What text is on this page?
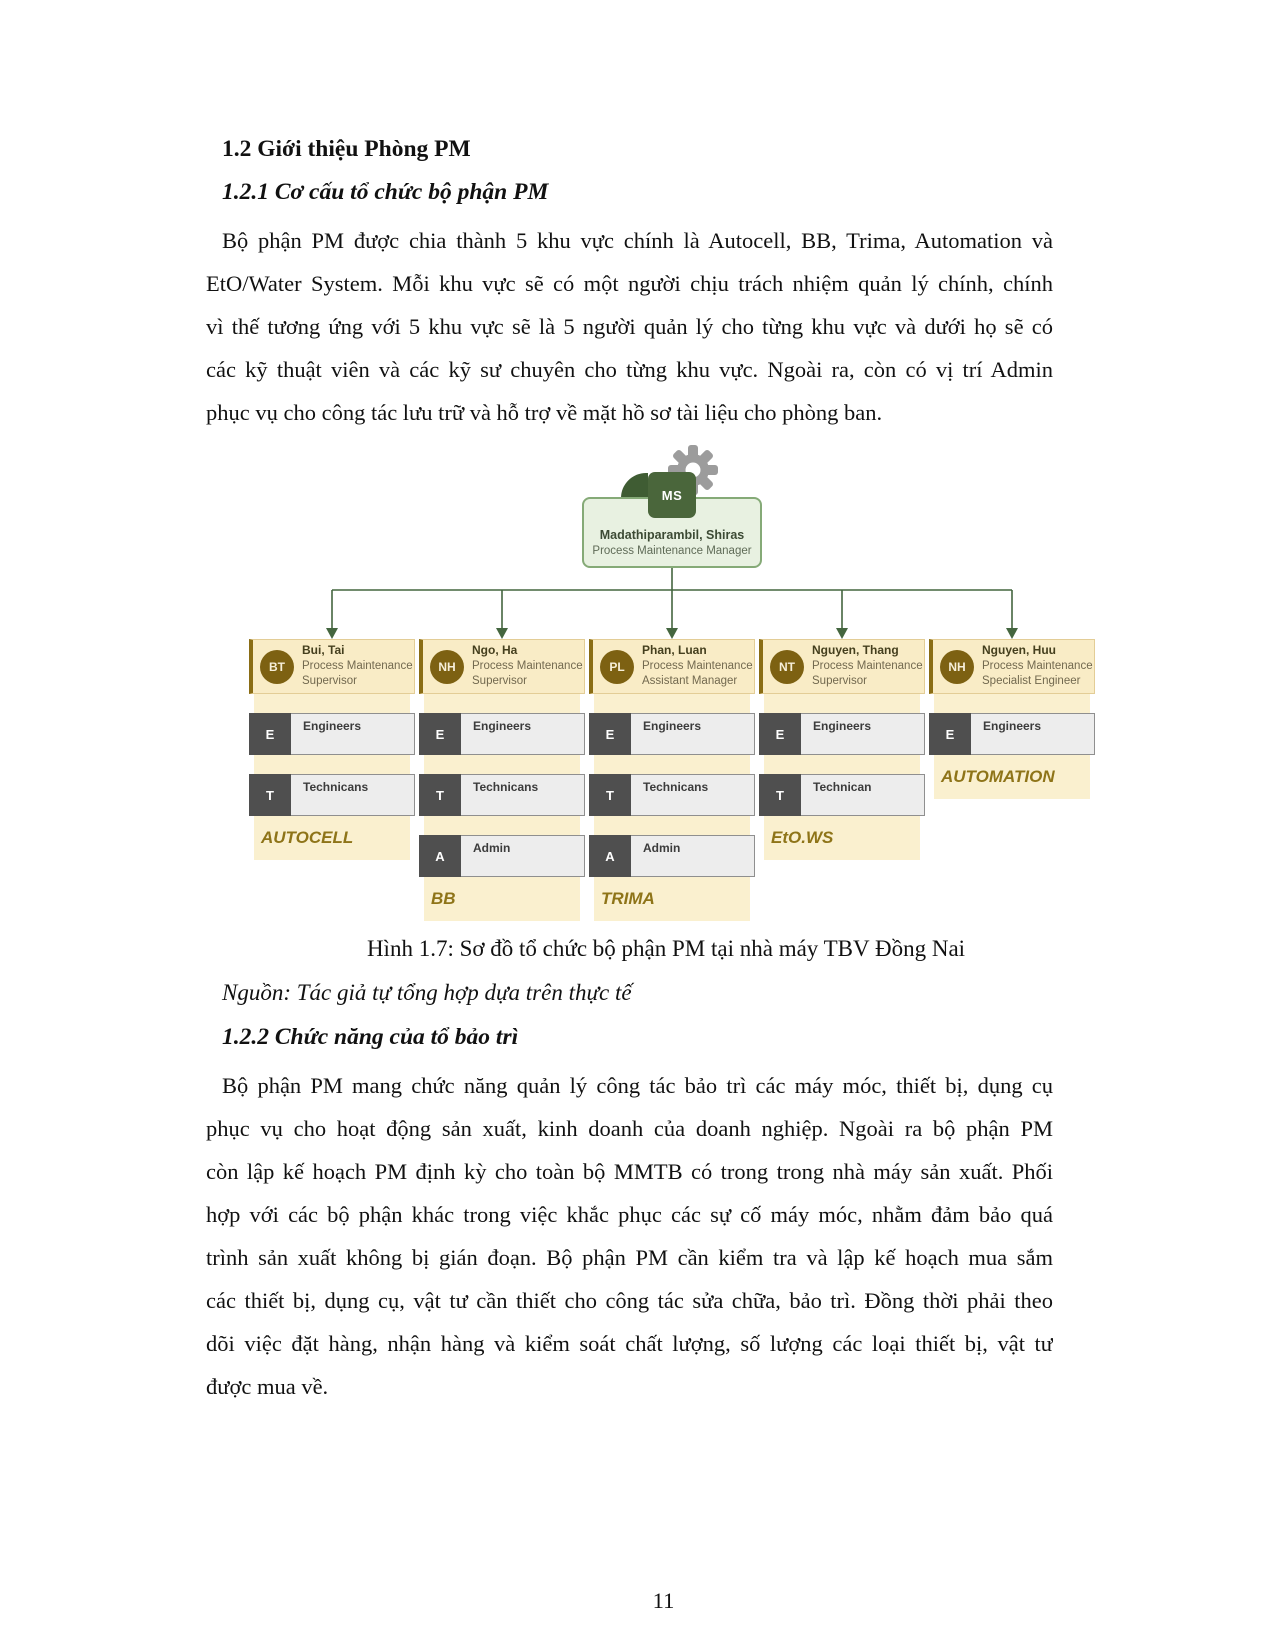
1.2 Giới thiệu Phòng PM
1.2.1 Cơ cấu tổ chức bộ phận PM
Bộ phận PM được chia thành 5 khu vực chính là Autocell, BB, Trima, Automation và
EtO/Water System. Mỗi khu vực sẽ có một người chịu trách nhiệm quản lý chính, chính
vì thế tương ứng với 5 khu vực sẽ là 5 người quản lý cho từng khu vực và dưới họ sẽ có
các kỹ thuật viên và các kỹ sư chuyên cho từng khu vực. Ngoài ra, còn có vị trí Admin
phục vụ cho công tác lưu trữ và hỗ trợ về mặt hồ sơ tài liệu cho phòng ban.
Madathiparambil, Shiras
Process Maintenance Manager
MS
BT
Bui, Tai
Process Maintenance Supervisor
E
Engineers
T
Technicans
AUTOCELL
NH
Ngo, Ha
Process Maintenance Supervisor
E
Engineers
T
Technicans
A
Admin
BB
PL
Phan, Luan
Process Maintenance Assistant Manager
E
Engineers
T
Technicans
A
Admin
TRIMA
NT
Nguyen, Thang
Process Maintenance Supervisor
E
Engineers
T
Technican
EtO.WS
NH
Nguyen, Huu
Process Maintenance Specialist Engineer
E
Engineers
AUTOMATION
Hình 1.7: Sơ đồ tổ chức bộ phận PM tại nhà máy TBV Đồng Nai
Nguồn: Tác giả tự tổng hợp dựa trên thực tế
1.2.2 Chức năng của tổ bảo trì
Bộ phận PM mang chức năng quản lý công tác bảo trì các máy móc, thiết bị, dụng cụ
phục vụ cho hoạt động sản xuất, kinh doanh của doanh nghiệp. Ngoài ra bộ phận PM
còn lập kế hoạch PM định kỳ cho toàn bộ MMTB có trong trong nhà máy sản xuất. Phối
hợp với các bộ phận khác trong việc khắc phục các sự cố máy móc, nhằm đảm bảo quá
trình sản xuất không bị gián đoạn. Bộ phận PM cần kiểm tra và lập kế hoạch mua sắm
các thiết bị, dụng cụ, vật tư cần thiết cho công tác sửa chữa, bảo trì. Đồng thời phải theo
dõi việc đặt hàng, nhận hàng và kiểm soát chất lượng, số lượng các loại thiết bị, vật tư
được mua về.
11
